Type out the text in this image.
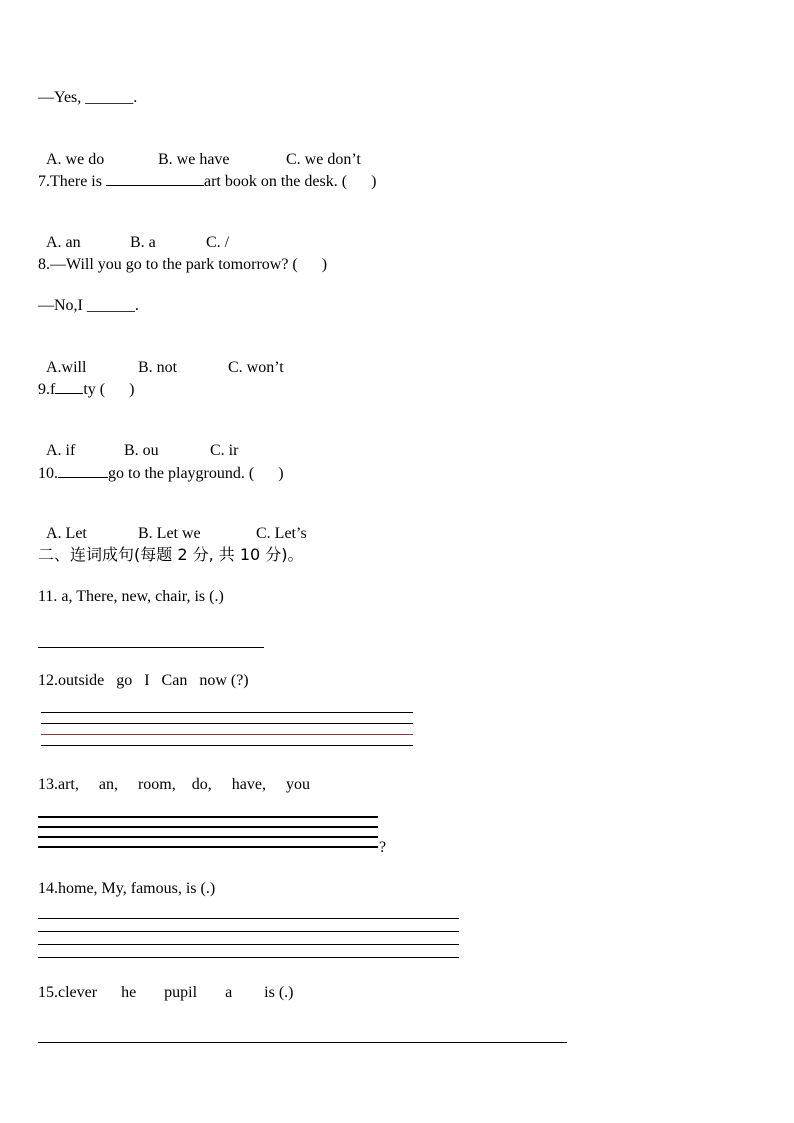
—Yes, ______.

A. we do	B. we have	C. we don’t

7.There is	art book on the desk. (      )

A. an	B. a	C. /

8.—Will you go to the park tomorrow? (      )
—No,I ______.

A.will	B. not	C. won’t

9.f ty (      )

A. if	B. ou	C. ir

10.	go to the playground. (      )

A. Let	B. Let we	C. Let’s

二、连词成句(每题 2 分, 共 10 分)。
11. a, There, new, chair, is (.)
12.outside   go   I   Can   now (?)
13.art,     an,     room,    do,     have,     you
?
14.home, My, famous, is (.)
15.clever      he       pupil       a        is (.)
